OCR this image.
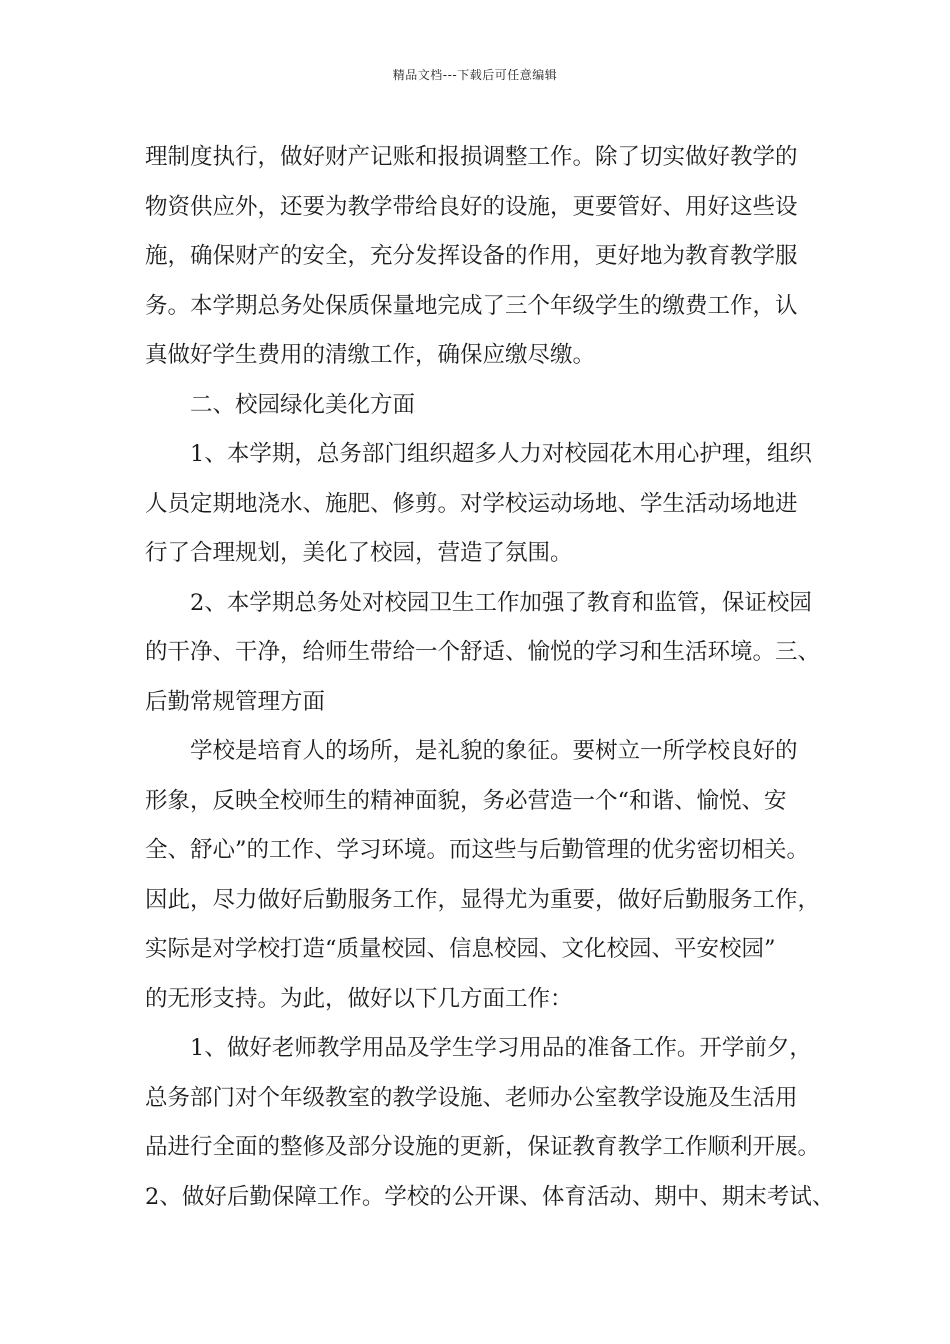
精品文档---下载后可任意编辑
理制度执行，做好财产记账和报损调整工作。除了切实做好教学的
物资供应外，还要为教学带给良好的设施，更要管好、用好这些设
施，确保财产的安全，充分发挥设备的作用，更好地为教育教学服
务。本学期总务处保质保量地完成了三个年级学生的缴费工作，认
真做好学生费用的清缴工作，确保应缴尽缴。
二、校园绿化美化方面
1、本学期，总务部门组织超多人力对校园花木用心护理，组织
人员定期地浇水、施肥、修剪。对学校运动场地、学生活动场地进
行了合理规划，美化了校园，营造了氛围。
2、本学期总务处对校园卫生工作加强了教育和监管，保证校园
的干净、干净，给师生带给一个舒适、愉悦的学习和生活环境。三、
后勤常规管理方面
学校是培育人的场所，是礼貌的象征。要树立一所学校良好的
形象，反映全校师生的精神面貌，务必营造一个“和谐、愉悦、安
全、舒心”的工作、学习环境。而这些与后勤管理的优劣密切相关。
因此，尽力做好后勤服务工作，显得尤为重要，做好后勤服务工作，
实际是对学校打造“质量校园、信息校园、文化校园、平安校园”
的无形支持。为此，做好以下几方面工作：
1、做好老师教学用品及学生学习用品的准备工作。开学前夕，
总务部门对个年级教室的教学设施、老师办公室教学设施及生活用
品进行全面的整修及部分设施的更新，保证教育教学工作顺利开展。
2、做好后勤保障工作。学校的公开课、体育活动、期中、期末考试、
